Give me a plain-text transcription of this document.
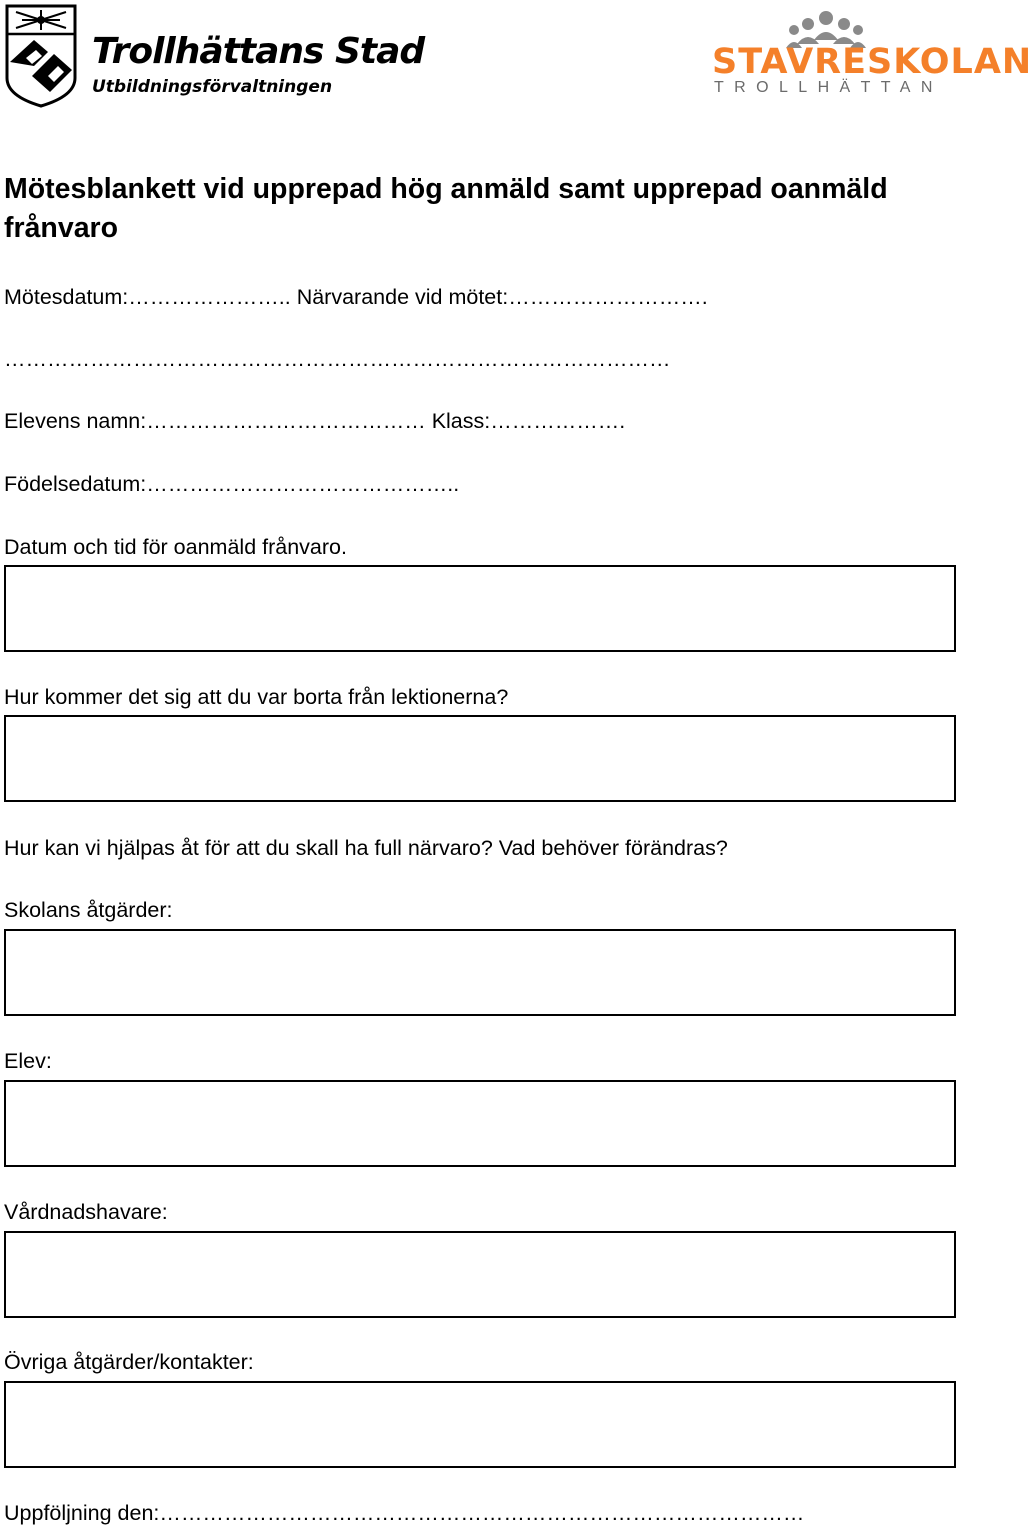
Trollhättans Stad
Utbildningsförvaltningen
STAVRESKOLAN
TROLLHÄTTAN
Mötesblankett vid upprepad hög anmäld samt upprepad oanmäld frånvaro
Mötesdatum:………………….. Närvarande vid mötet:……………………….
…………………………………………………………………………………
Elevens namn:………………………………… Klass:……………….
Födelsedatum:……………………………………..
Datum och tid för oanmäld frånvaro.
Hur kommer det sig att du var borta från lektionerna?
Hur kan vi hjälpas åt för att du skall ha full närvaro? Vad behöver förändras?
Skolans åtgärder:
Elev:
Vårdnadshavare:
Övriga åtgärder/kontakter:
Uppföljning den:………………………………………………………………………………
